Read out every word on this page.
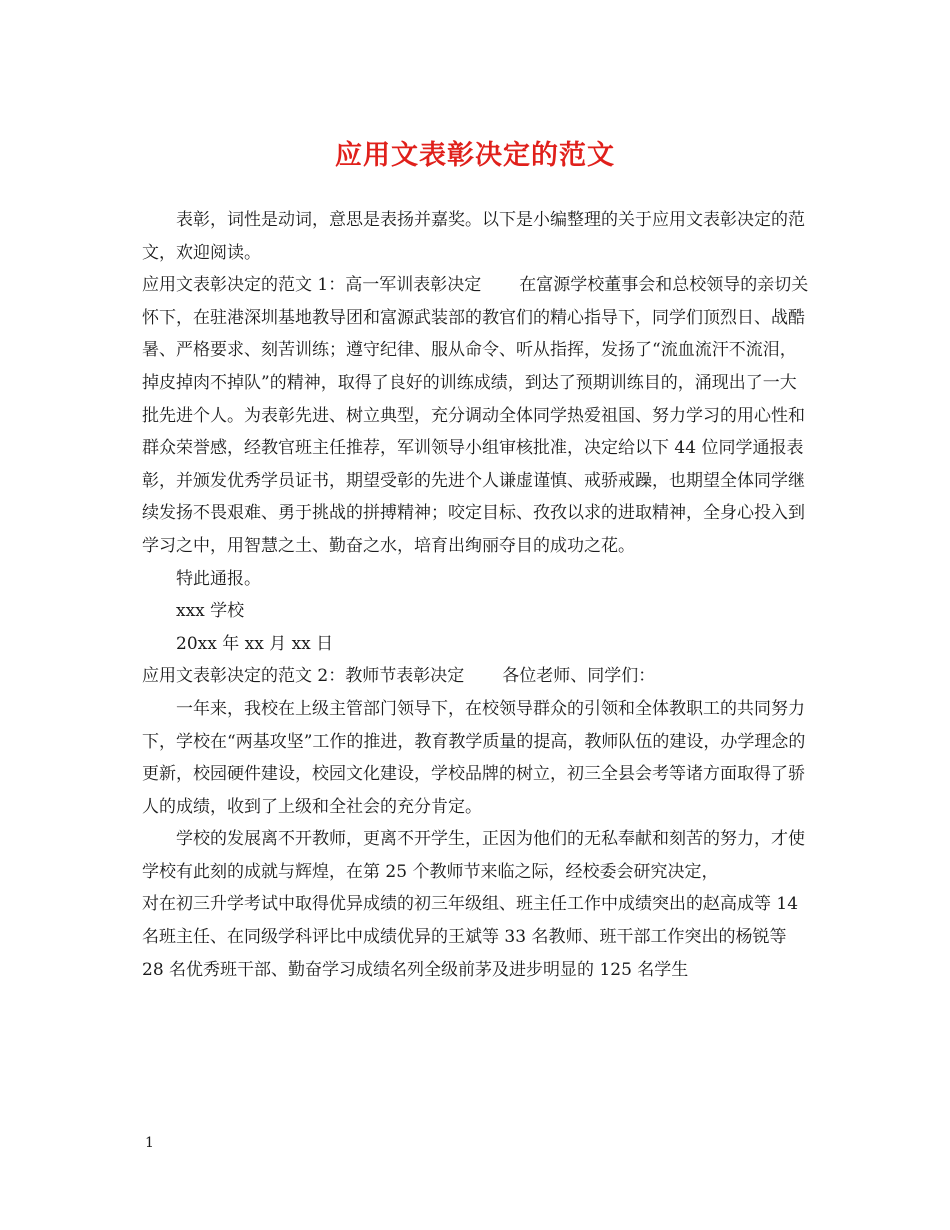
应用文表彰决定的范文

表彰，词性是动词，意思是表扬并嘉奖。以下是小编整理的关于应用文表彰决定的范文，欢迎阅读。

应用文表彰决定的范文 1：高一军训表彰决定 在富源学校董事会和总校领导的亲切关怀下，在驻港深圳基地教导团和富源武装部的教官们的精心指导下，同学们顶烈日、战酷暑、严格要求、刻苦训练；遵守纪律、服从命令、听从指挥，发扬了“流血流汗不流泪，掉皮掉肉不掉队”的精神，取得了良好的训练成绩，到达了预期训练目的，涌现出了一大批先进个人。为表彰先进、树立典型，充分调动全体同学热爱祖国、努力学习的用心性和群众荣誉感，经教官班主任推荐，军训领导小组审核批准，决定给以下 44 位同学通报表彰，并颁发优秀学员证书，期望受彰的先进个人谦虚谨慎、戒骄戒躁，也期望全体同学继续发扬不畏艰难、勇于挑战的拼搏精神；咬定目标、孜孜以求的进取精神，全身心投入到学习之中，用智慧之土、勤奋之水，培育出绚丽夺目的成功之花。

特此通报。

xxx 学校

20xx 年 xx 月 xx 日

应用文表彰决定的范文 2：教师节表彰决定 各位老师、同学们：

一年来，我校在上级主管部门领导下，在校领导群众的引领和全体教职工的共同努力下，学校在“两基攻坚”工作的推进，教育教学质量的提高，教师队伍的建设，办学理念的更新，校园硬件建设，校园文化建设，学校品牌的树立，初三全县会考等诸方面取得了骄人的成绩，收到了上级和全社会的充分肯定。

学校的发展离不开教师，更离不开学生，正因为他们的无私奉献和刻苦的努力，才使学校有此刻的成就与辉煌，在第 25 个教师节来临之际，经校委会研究决定，

对在初三升学考试中取得优异成绩的初三年级组、班主任工作中成绩突出的赵高成等 14 名班主任、在同级学科评比中成绩优异的王斌等 33 名教师、班干部工作突出的杨锐等 28 名优秀班干部、勤奋学习成绩名列全级前茅及进步明显的 125 名学生

1
